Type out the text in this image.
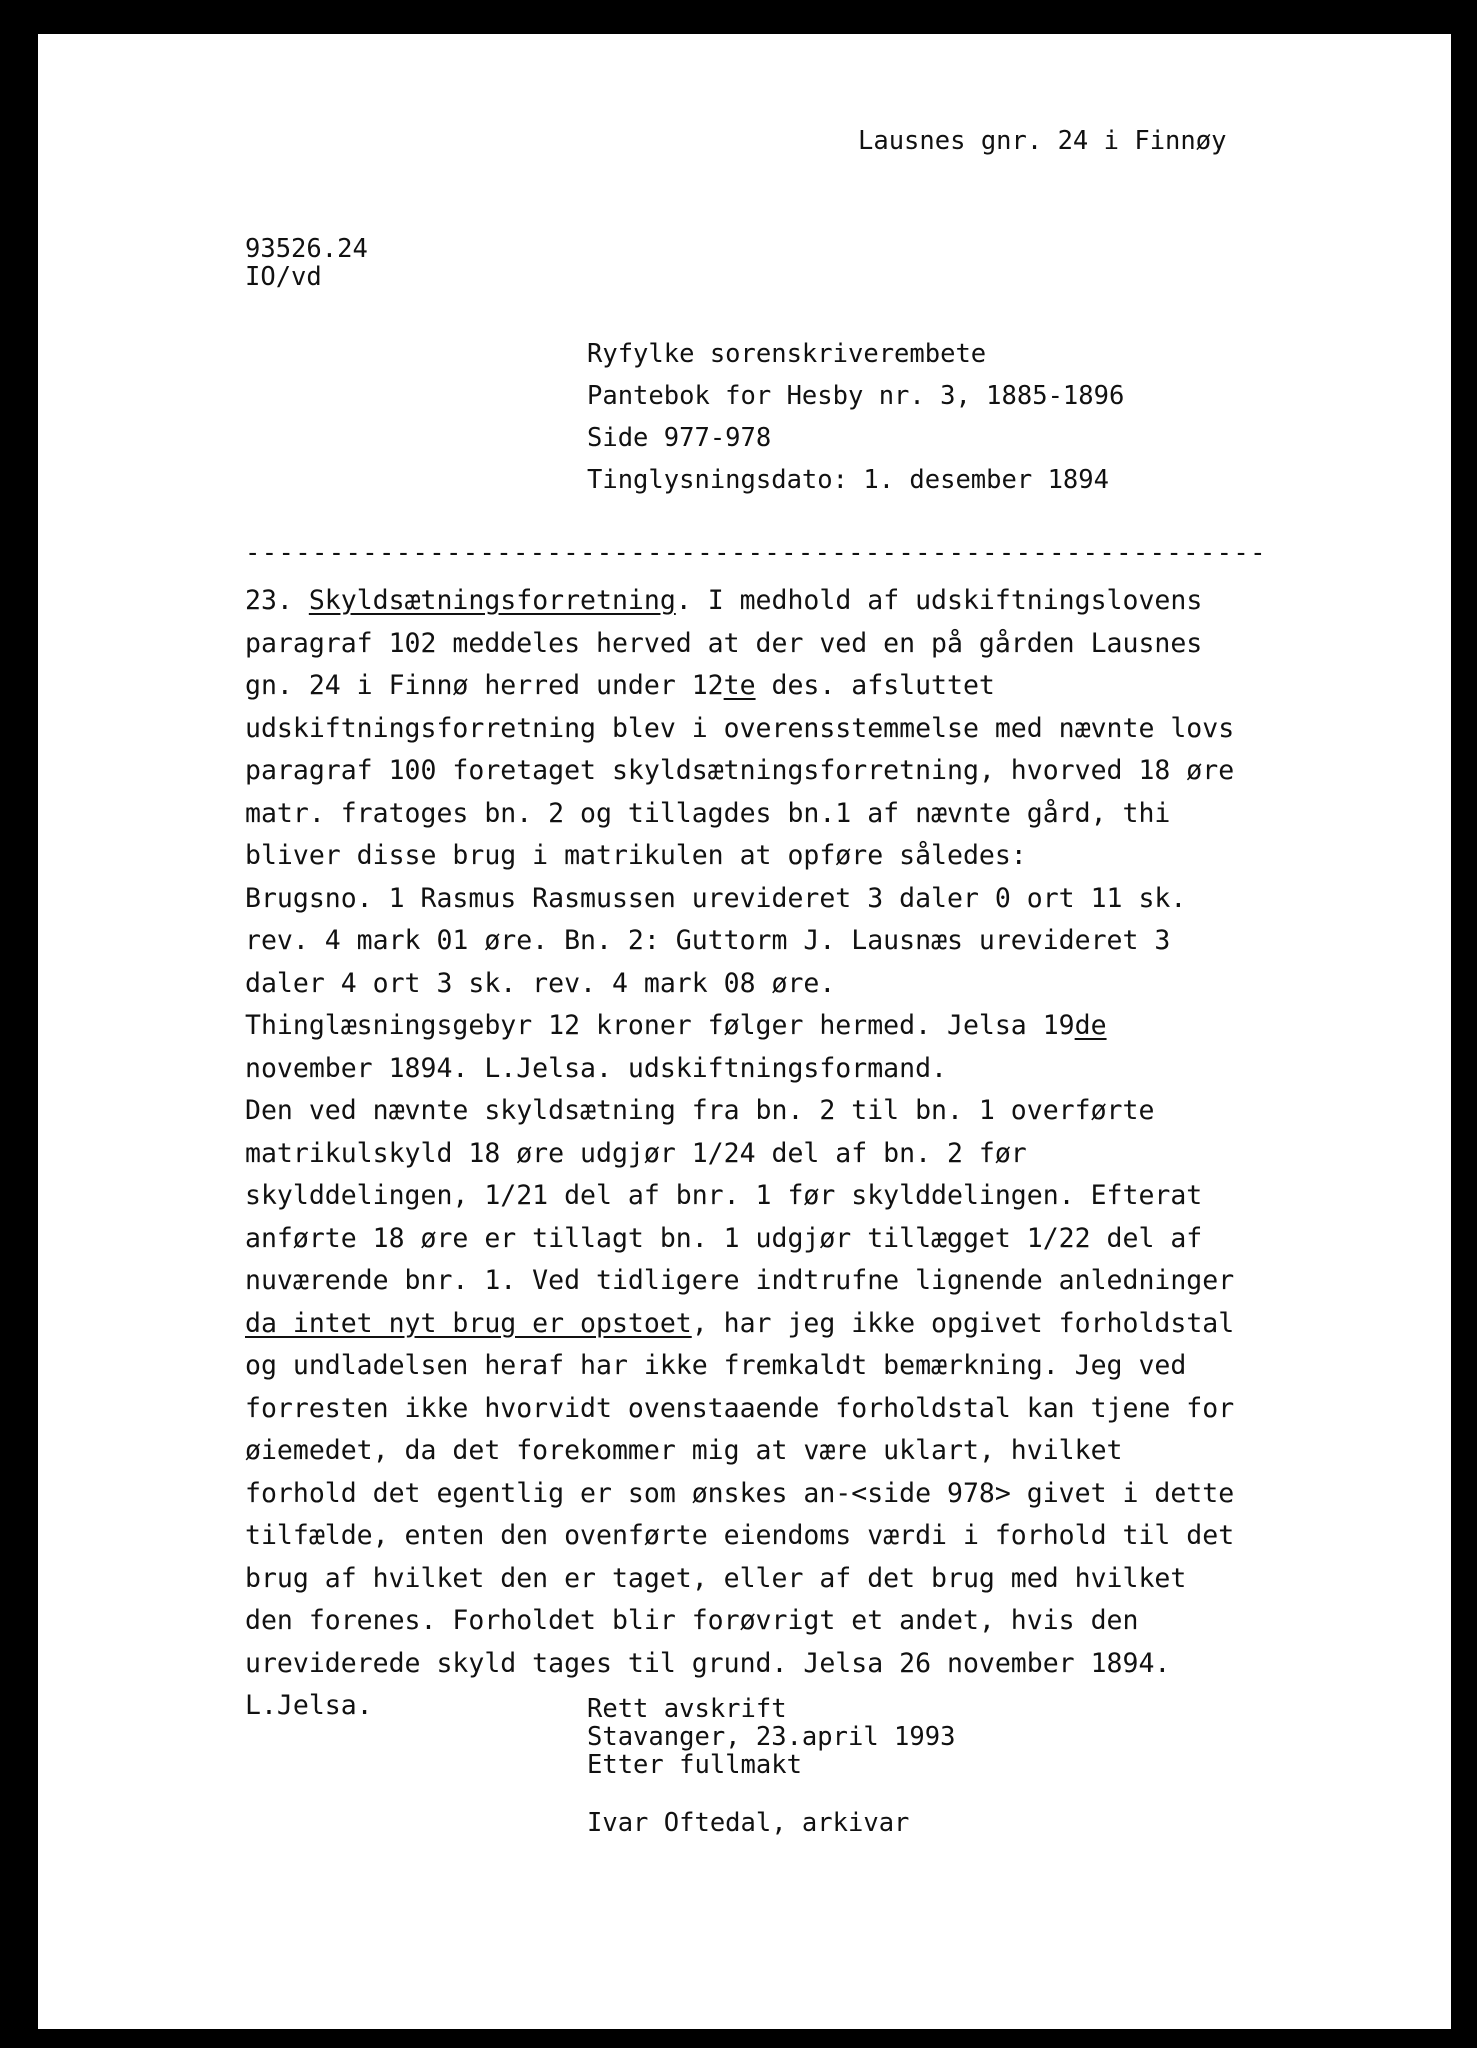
Lausnes gnr. 24 i Finnøy
93526.24
IO/vd
Ryfylke sorenskriverembete
Pantebok for Hesby nr. 3, 1885-1896
Side 977-978
Tinglysningsdato: 1. desember 1894
-------------------------------------------------------------
23. Skyldsætningsforretning. I medhold af udskiftningslovens
paragraf 102 meddeles herved at der ved en på gården Lausnes
gn. 24 i Finnø herred under 12te des. afsluttet
udskiftningsforretning blev i overensstemmelse med nævnte lovs
paragraf 100 foretaget skyldsætningsforretning, hvorved 18 øre
matr. fratoges bn. 2 og tillagdes bn.1 af nævnte gård, thi
bliver disse brug i matrikulen at opføre således:
Brugsno. 1 Rasmus Rasmussen urevideret 3 daler 0 ort 11 sk.
rev. 4 mark 01 øre. Bn. 2: Guttorm J. Lausnæs urevideret 3
daler 4 ort 3 sk. rev. 4 mark 08 øre.
Thinglæsningsgebyr 12 kroner følger hermed. Jelsa 19de
november 1894. L.Jelsa. udskiftningsformand.
Den ved nævnte skyldsætning fra bn. 2 til bn. 1 overførte
matrikulskyld 18 øre udgjør 1/24 del af bn. 2 før
skylddelingen, 1/21 del af bnr. 1 før skylddelingen. Efterat
anførte 18 øre er tillagt bn. 1 udgjør tillægget 1/22 del af
nuværende bnr. 1. Ved tidligere indtrufne lignende anledninger
da intet nyt brug er opstoet, har jeg ikke opgivet forholdstal
og undladelsen heraf har ikke fremkaldt bemærkning. Jeg ved
forresten ikke hvorvidt ovenstaaende forholdstal kan tjene for
øiemedet, da det forekommer mig at være uklart, hvilket
forhold det egentlig er som ønskes an-<side 978> givet i dette
tilfælde, enten den ovenførte eiendoms værdi i forhold til det
brug af hvilket den er taget, eller af det brug med hvilket
den forenes. Forholdet blir forøvrigt et andet, hvis den
ureviderede skyld tages til grund. Jelsa 26 november 1894.
L.Jelsa.	Rett avskrift
Stavanger, 23.april 1993
Etter fullmakt
Ivar Oftedal, arkivar
